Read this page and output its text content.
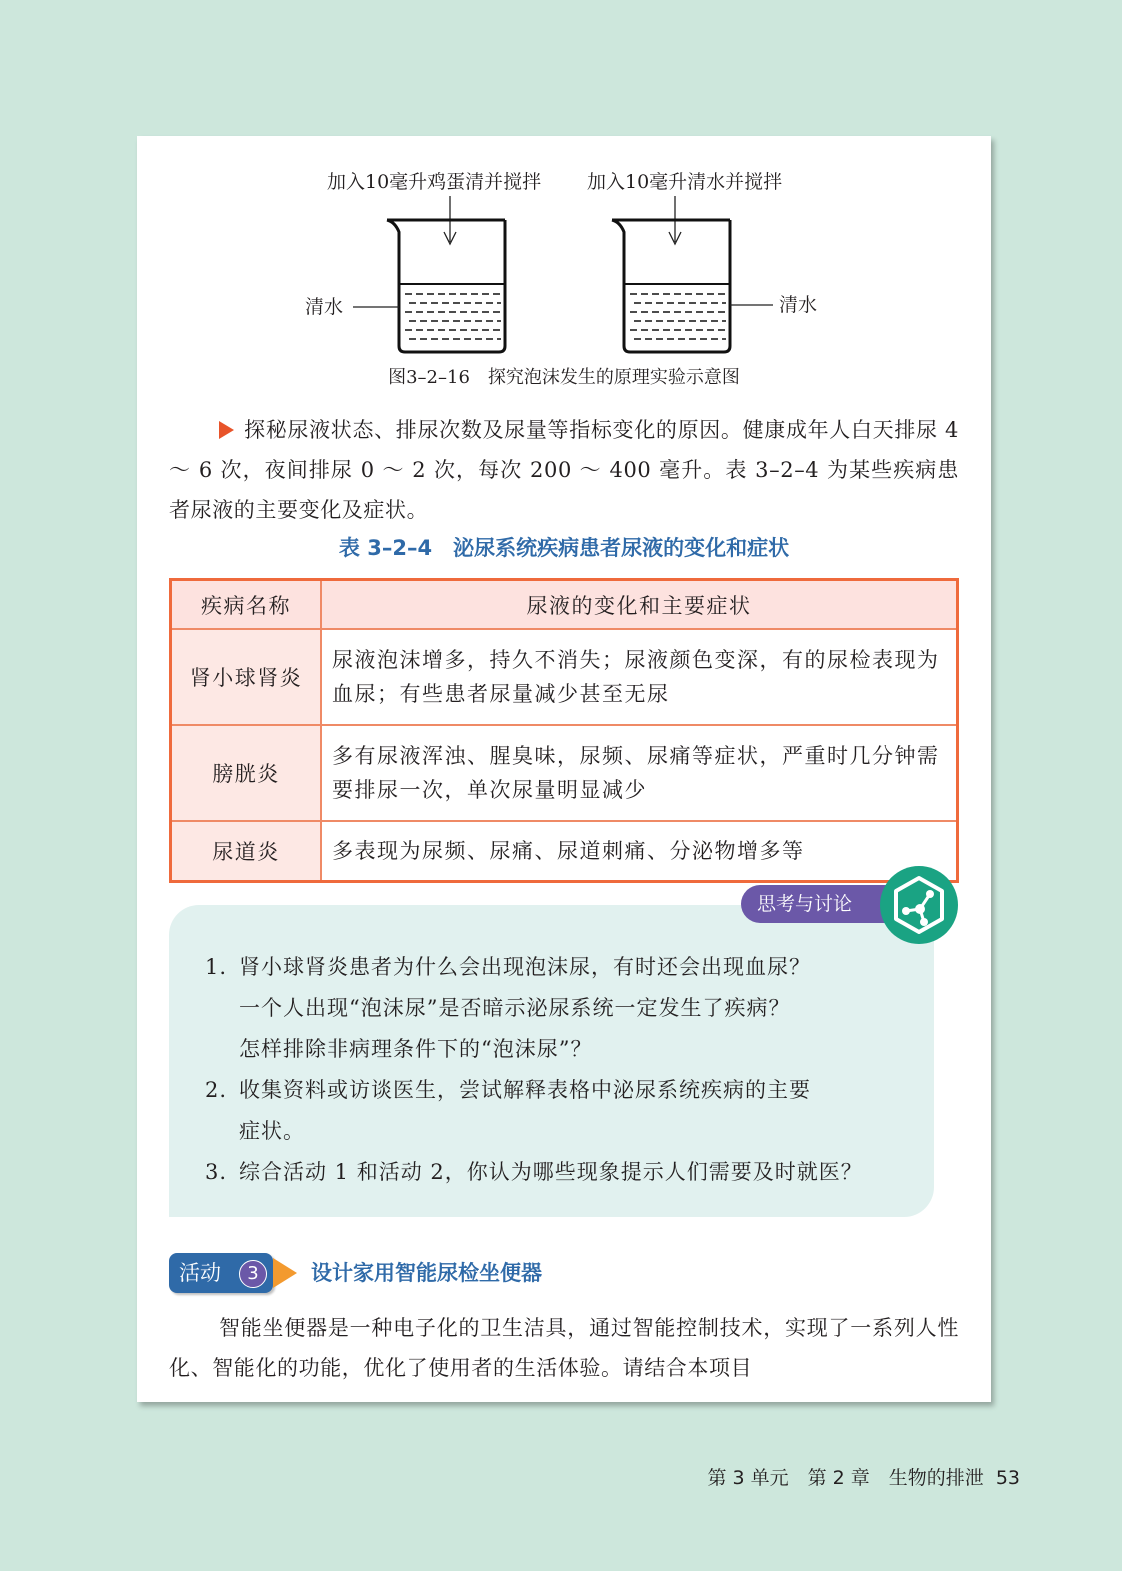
加入10毫升鸡蛋清并搅拌 加入10毫升清水并搅拌
清水	清水
图3–2–16　探究泡沫发生的原理实验示意图
探秘尿液状态、排尿次数及尿量等指标变化的原因。健康成年人白天排尿 4 ～ 6 次，夜间排尿 0 ～ 2 次，每次 200 ～ 400 毫升。表 3–2–4 为某些疾病患者尿液的主要变化及症状。
表 3–2–4　泌尿系统疾病患者尿液的变化和症状
疾病名称	尿液的变化和主要症状
肾小球肾炎	尿液泡沫增多，持久不消失；尿液颜色变深，有的尿检表现为血尿；有些患者尿量减少甚至无尿
膀胱炎	多有尿液浑浊、腥臭味，尿频、尿痛等症状，严重时几分钟需要排尿一次，单次尿量明显减少
尿道炎	多表现为尿频、尿痛、尿道刺痛、分泌物增多等
思考与讨论
1. 肾小球肾炎患者为什么会出现泡沫尿，有时还会出现血尿？
一个人出现“泡沫尿”是否暗示泌尿系统一定发生了疾病？
怎样排除非病理条件下的“泡沫尿”？
2. 收集资料或访谈医生，尝试解释表格中泌尿系统疾病的主要
症状。
3. 综合活动 1 和活动 2，你认为哪些现象提示人们需要及时就医？
活动	3	设计家用智能尿检坐便器
智能坐便器是一种电子化的卫生洁具，通过智能控制技术，实现了一系列人性化、智能化的功能，优化了使用者的生活体验。请结合本项目
第 3 单元　第 2 章　生物的排泄 53
